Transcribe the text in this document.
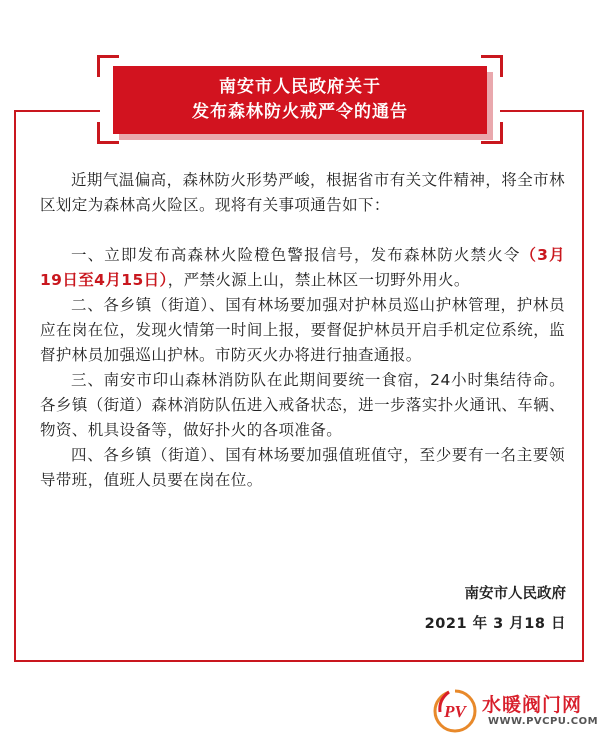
南安市人民政府关于
发布森林防火戒严令的通告

近期气温偏高，森林防火形势严峻，根据省市有关文件精神，将全市林区划定为森林高火险区。现将有关事项通告如下：

一、立即发布高森林火险橙色警报信号，发布森林防火禁火令（3月19日至4月15日），严禁火源上山，禁止林区一切野外用火。

二、各乡镇（街道）、国有林场要加强对护林员巡山护林管理，护林员应在岗在位，发现火情第一时间上报，要督促护林员开启手机定位系统，监督护林员加强巡山护林。市防灭火办将进行抽查通报。

三、南安市印山森林消防队在此期间要统一食宿，24小时集结待命。各乡镇（街道）森林消防队伍进入戒备状态，进一步落实扑火通讯、车辆、物资、机具设备等，做好扑火的各项准备。

四、各乡镇（街道）、国有林场要加强值班值守，至少要有一名主要领导带班，值班人员要在岗在位。

南安市人民政府
2021 年 3 月18 日
PV 水暖阀门网
WWW.PVCPU.COM
